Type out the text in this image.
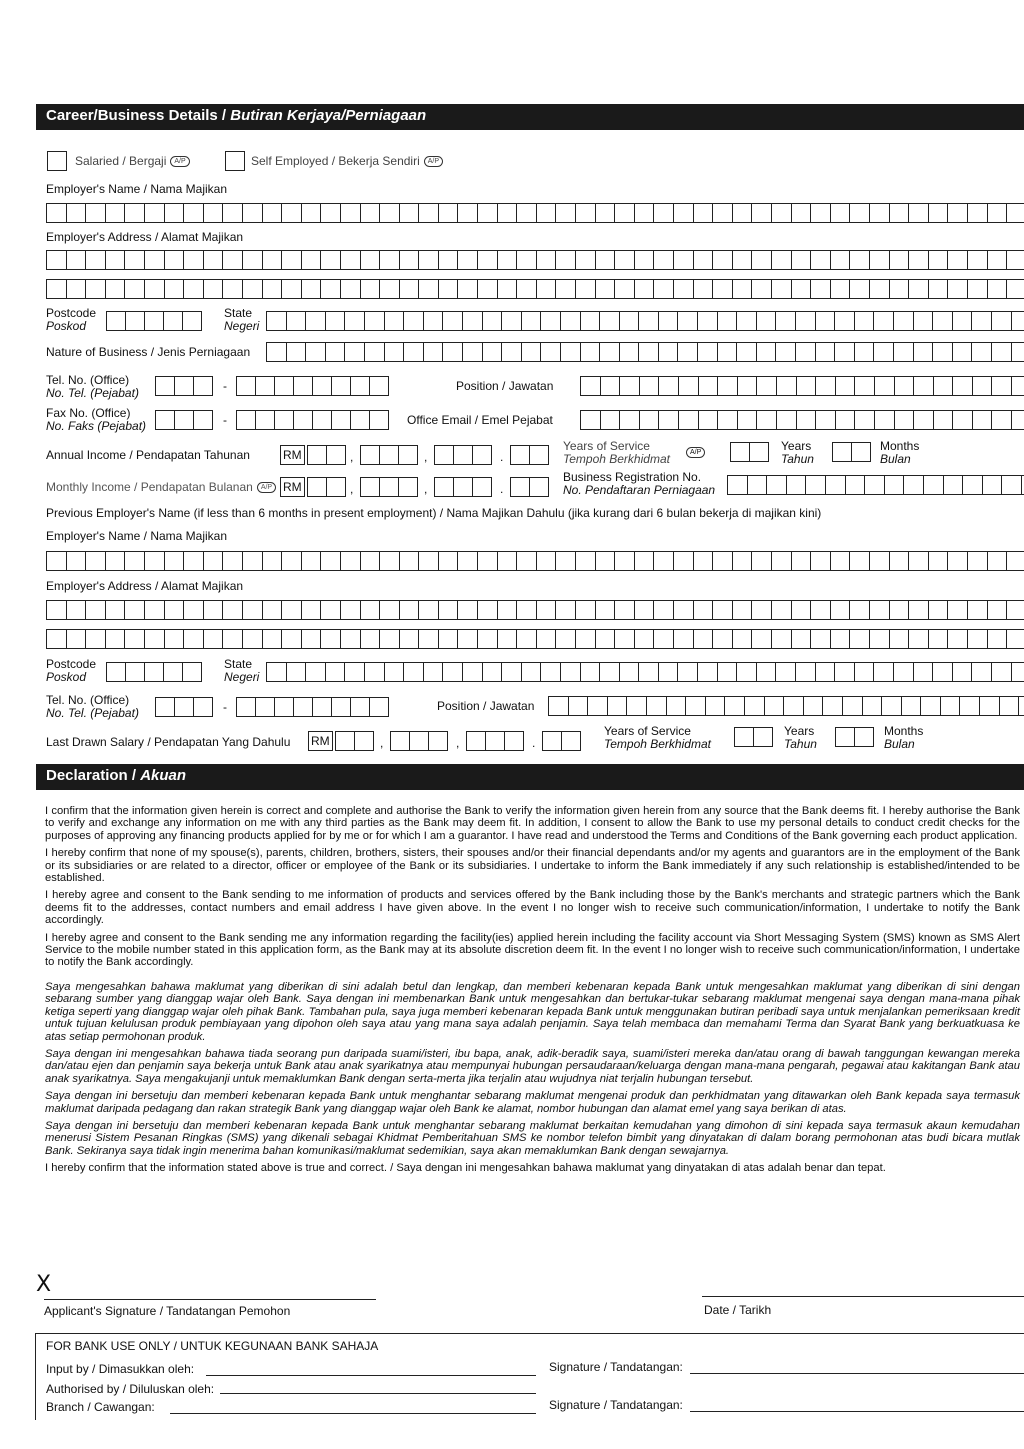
Career/Business Details / Butiran Kerjaya/Perniagaan
Salaried / Bergaji A/P	Self Employed / Bekerja Sendiri A/P
Employer's Name / Nama Majikan
Employer's Address / Alamat Majikan
Postcode
Poskod
State
Negeri
Nature of Business / Jenis Perniagaan
Tel. No. (Office)
No. Tel. (Pejabat)	-	Position / Jawatan
Fax No. (Office)
No. Faks (Pejabat)	-	Office Email / Emel Pejabat
Annual Income / Pendapatan Tahunan	RM	,	,	.
Years of Service
Tempoh Berkhidmat	A/P	Years
Tahun
Months
Bulan
Monthly Income / Pendapatan Bulanan A/P RM	,	,	.
Business Registration No.
No. Pendaftaran Perniagaan
Previous Employer's Name (if less than 6 months in present employment) / Nama Majikan Dahulu (jika kurang dari 6 bulan bekerja di majikan kini)
Employer's Name / Nama Majikan
Employer's Address / Alamat Majikan
Postcode
Poskod
State
Negeri
Tel. No. (Office)
No. Tel. (Pejabat)	-	Position / Jawatan
Last Drawn Salary / Pendapatan Yang Dahulu RM	,	,	.
Years of Service
Tempoh Berkhidmat
Years
Tahun
Months
Bulan
Declaration / Akuan

I confirm that the information given herein is correct and complete and authorise the Bank to verify the information given herein from any source that the Bank deems fit. I hereby authorise the Bank to verify and exchange any information on me with any third parties as the Bank may deem fit. In addition, I consent to allow the Bank to use my personal details to conduct credit checks for the purposes of approving any financing products applied for by me or for which I am a guarantor. I have read and understood the Terms and Conditions of the Bank governing each product application.

I hereby confirm that none of my spouse(s), parents, children, brothers, sisters, their spouses and/or their financial dependants and/or my agents and guarantors are in the employment of the Bank or its subsidiaries or are related to a director, officer or employee of the Bank or its subsidiaries. I undertake to inform the Bank immediately if any such relationship is established/intended to be established.

I hereby agree and consent to the Bank sending to me information of products and services offered by the Bank including those by the Bank's merchants and strategic partners which the Bank deems fit to the addresses, contact numbers and email address I have given above. In the event I no longer wish to receive such communication/information, I undertake to notify the Bank accordingly.

I hereby agree and consent to the Bank sending me any information regarding the facility(ies) applied herein including the facility account via Short Messaging System (SMS) known as SMS Alert Service to the mobile number stated in this application form, as the Bank may at its absolute discretion deem fit. In the event I no longer wish to receive such communication/information, I undertake to notify the Bank accordingly.

Saya mengesahkan bahawa maklumat yang diberikan di sini adalah betul dan lengkap, dan memberi kebenaran kepada Bank untuk mengesahkan maklumat yang diberikan di sini dengan sebarang sumber yang dianggap wajar oleh Bank. Saya dengan ini membenarkan Bank untuk mengesahkan dan bertukar-tukar sebarang maklumat mengenai saya dengan mana-mana pihak ketiga seperti yang dianggap wajar oleh pihak Bank. Tambahan pula, saya juga memberi kebenaran kepada Bank untuk menggunakan butiran peribadi saya untuk menjalankan pemeriksaan kredit untuk tujuan kelulusan produk pembiayaan yang dipohon oleh saya atau yang mana saya adalah penjamin. Saya telah membaca dan memahami Terma dan Syarat Bank yang berkuatkuasa ke atas setiap permohonan produk.

Saya dengan ini mengesahkan bahawa tiada seorang pun daripada suami/isteri, ibu bapa, anak, adik-beradik saya, suami/isteri mereka dan/atau orang di bawah tanggungan kewangan mereka dan/atau ejen dan penjamin saya bekerja untuk Bank atau anak syarikatnya atau mempunyai hubungan persaudaraan/keluarga dengan mana-mana pengarah, pegawai atau kakitangan Bank atau anak syarikatnya. Saya mengakujanji untuk memaklumkan Bank dengan serta-merta jika terjalin atau wujudnya niat terjalin hubungan tersebut.

Saya dengan ini bersetuju dan memberi kebenaran kepada Bank untuk menghantar sebarang maklumat mengenai produk dan perkhidmatan yang ditawarkan oleh Bank kepada saya termasuk maklumat daripada pedagang dan rakan strategik Bank yang dianggap wajar oleh Bank ke alamat, nombor hubungan dan alamat emel yang saya berikan di atas.

Saya dengan ini bersetuju dan memberi kebenaran kepada Bank untuk menghantar sebarang maklumat berkaitan kemudahan yang dimohon di sini kepada saya termasuk akaun kemudahan menerusi Sistem Pesanan Ringkas (SMS) yang dikenali sebagai Khidmat Pemberitahuan SMS ke nombor telefon bimbit yang dinyatakan di dalam borang permohonan atas budi bicara mutlak Bank. Sekiranya saya tidak ingin menerima bahan komunikasi/maklumat sedemikian, saya akan memaklumkan Bank dengan sewajarnya.

I hereby confirm that the information stated above is true and correct. / Saya dengan ini mengesahkan bahawa maklumat yang dinyatakan di atas adalah benar dan tepat.

X
Applicant's Signature / Tandatangan Pemohon	Date / Tarikh
FOR BANK USE ONLY / UNTUK KEGUNAAN BANK SAHAJA
Input by / Dimasukkan oleh:	Signature / Tandatangan:
Authorised by / Diluluskan oleh:
Branch / Cawangan:	Signature / Tandatangan:
